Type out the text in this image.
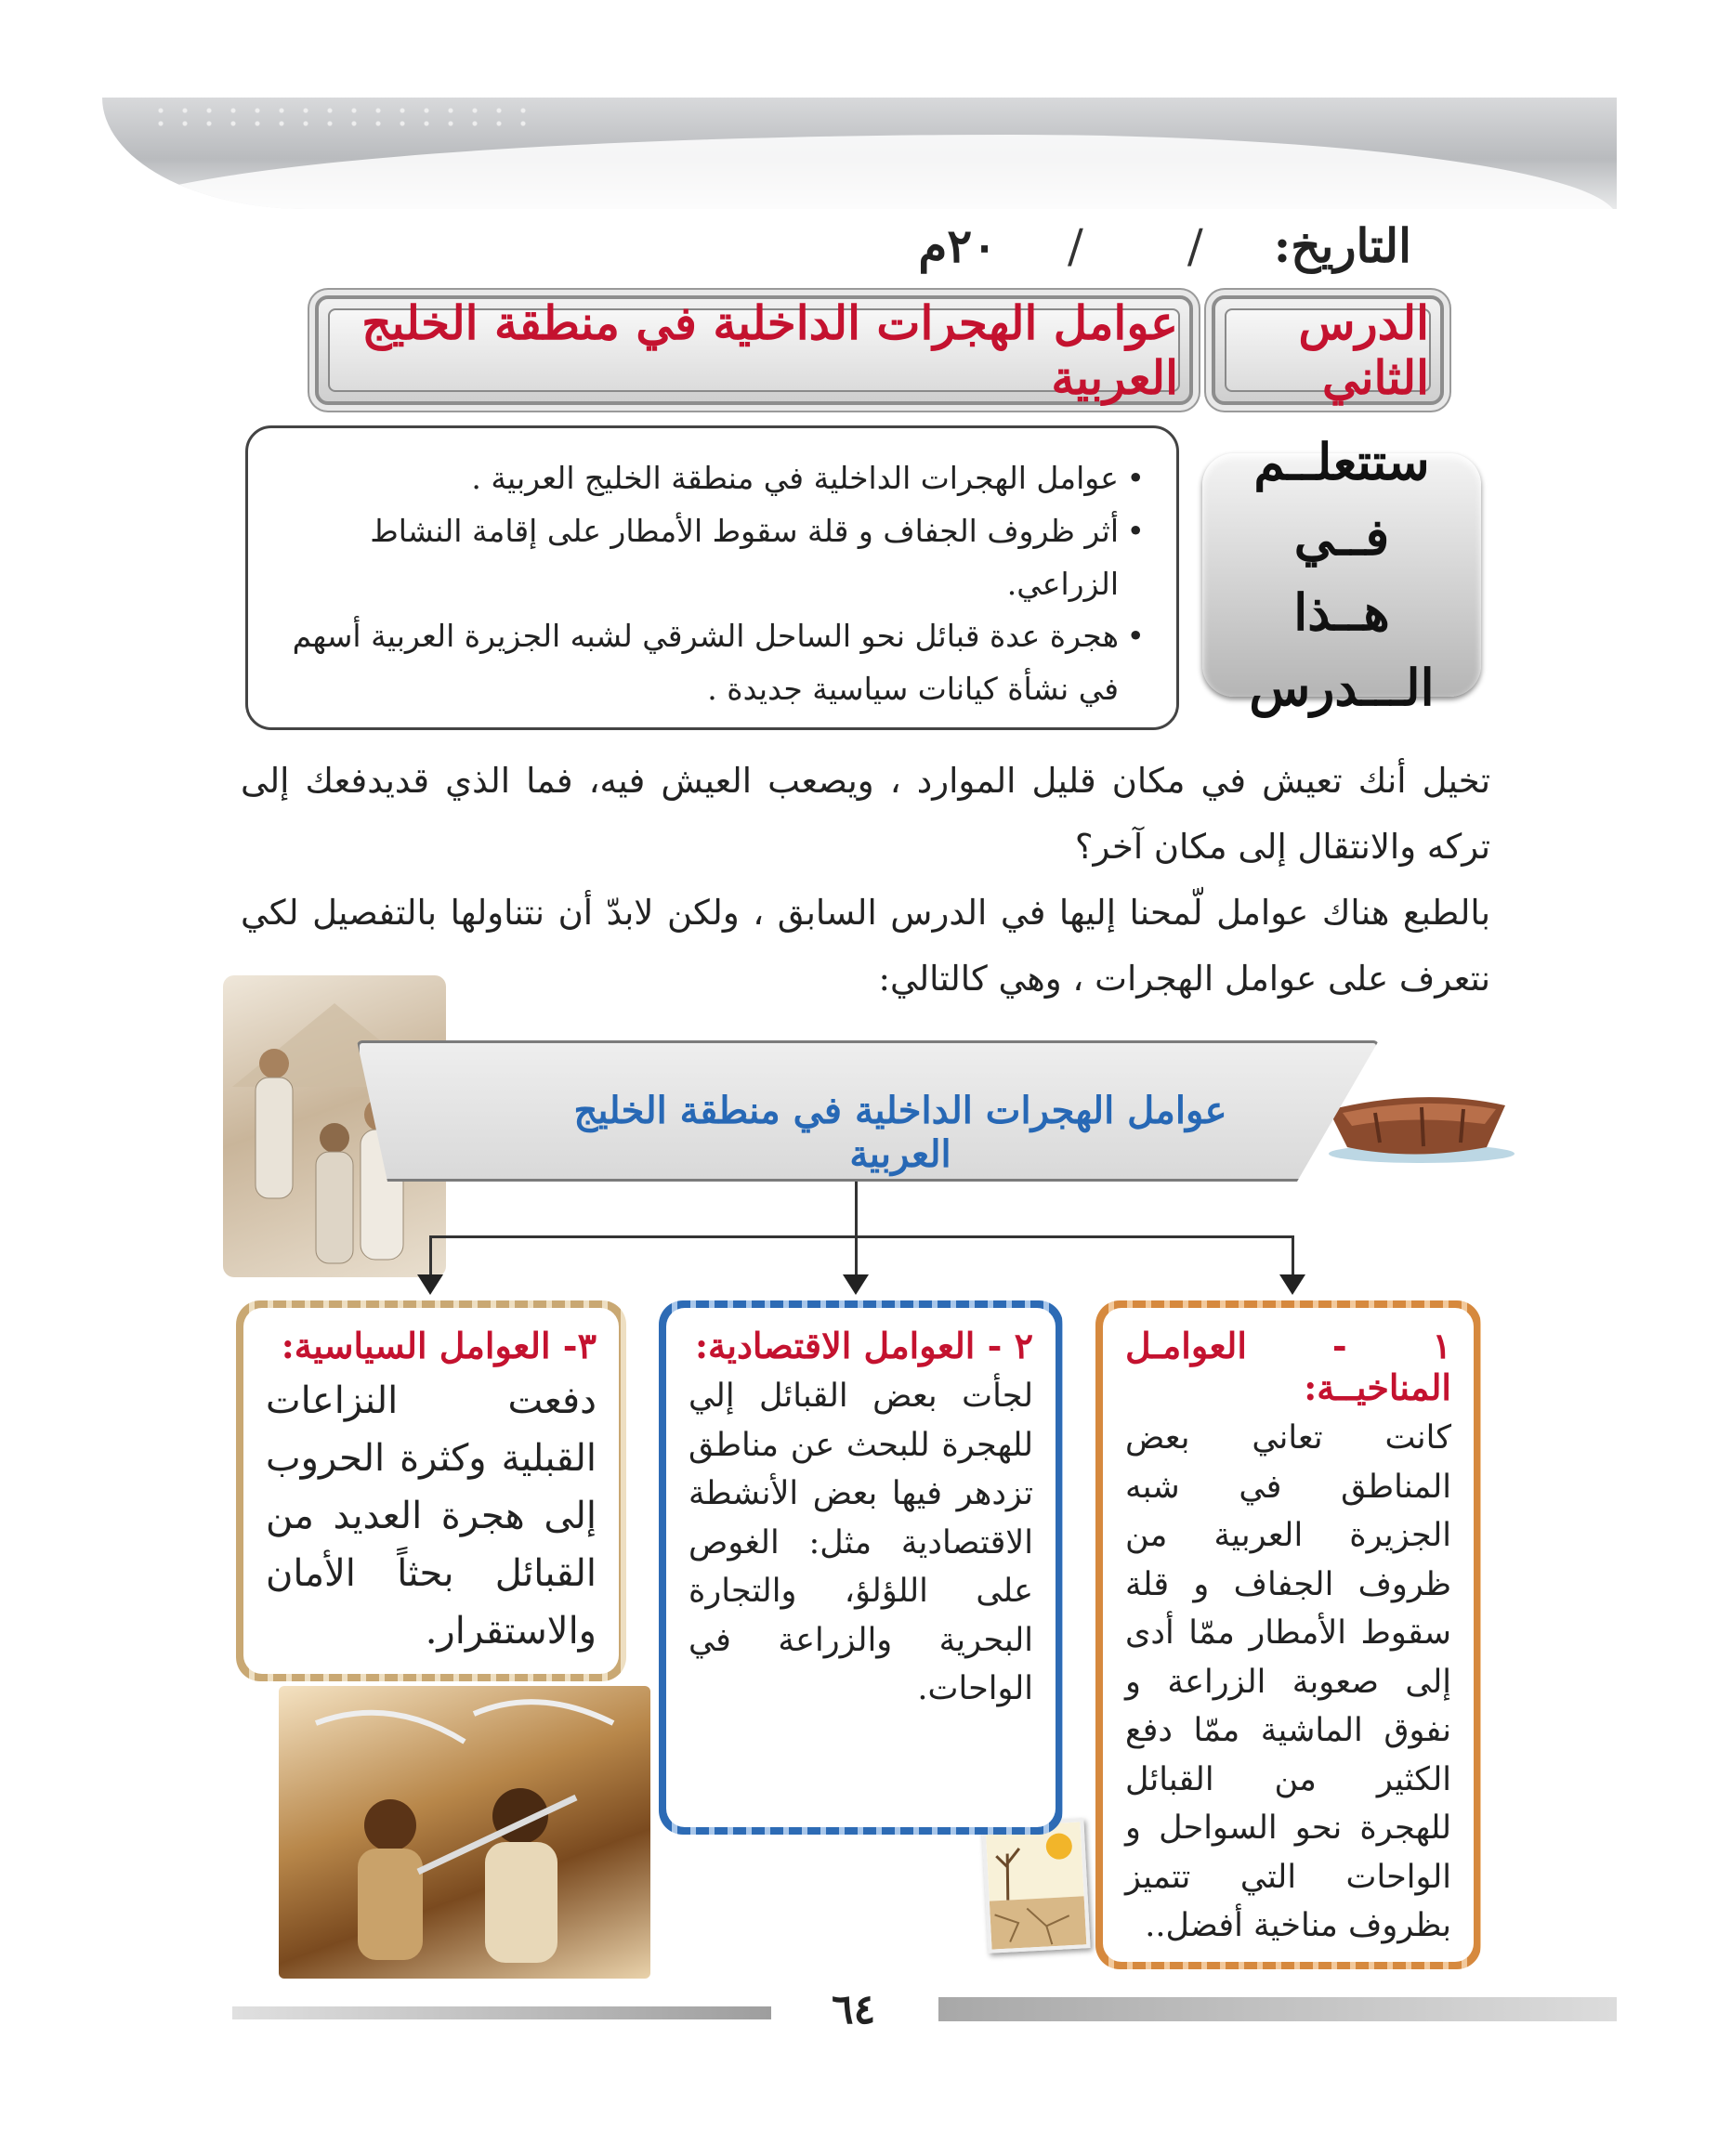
التاريخ:
/
/
٢٠م
الدرس الثاني
عوامل الهجرات الداخلية في منطقة الخليج العربية
ستتعلــم فــي
هــذا الـــدرس
• عوامل الهجرات الداخلية في منطقة الخليج العربية .
• أثر ظروف الجفاف و قلة سقوط الأمطار على إقامة النشاط الزراعي.
• هجرة عدة قبائل نحو الساحل الشرقي لشبه الجزيرة العربية أسهم في نشأة كيانات سياسية جديدة .

تخيل أنك تعيش في مكان قليل الموارد ، ويصعب العيش فيه، فما الذي قديدفعك إلى تركه والانتقال إلى مكان آخر؟

بالطبع هناك عوامل لّمحنا إليها في الدرس السابق ، ولكن لابدّ أن نتناولها بالتفصيل لكي نتعرف على عوامل الهجرات ، وهي كالتالي:

عوامل الهجرات الداخلية في منطقة الخليج العربية
١ - العوامـل المناخيــة:

كانت تعاني بعض المناطق في شبه الجزيرة العربية من ظروف الجفاف و قلة سقوط الأمطار ممّا أدى إلى صعوبة الزراعة و نفوق الماشية ممّا دفع الكثير من القبائل للهجرة نحو السواحل و الواحات التي تتميز بظروف مناخية أفضل..

٢ - العوامل الاقتصادية:

لجأت بعض القبائل إلي للهجرة للبحث عن مناطق تزدهر فيها بعض الأنشطة الاقتصادية مثل: الغوص على اللؤلؤ، والتجارة البحرية والزراعة في الواحات.

٣- العوامل السياسية:

دفعت النزاعات القبلية وكثرة الحروب إلى هجرة العديد من القبائل بحثاً الأمان والاستقرار.

٦٤
